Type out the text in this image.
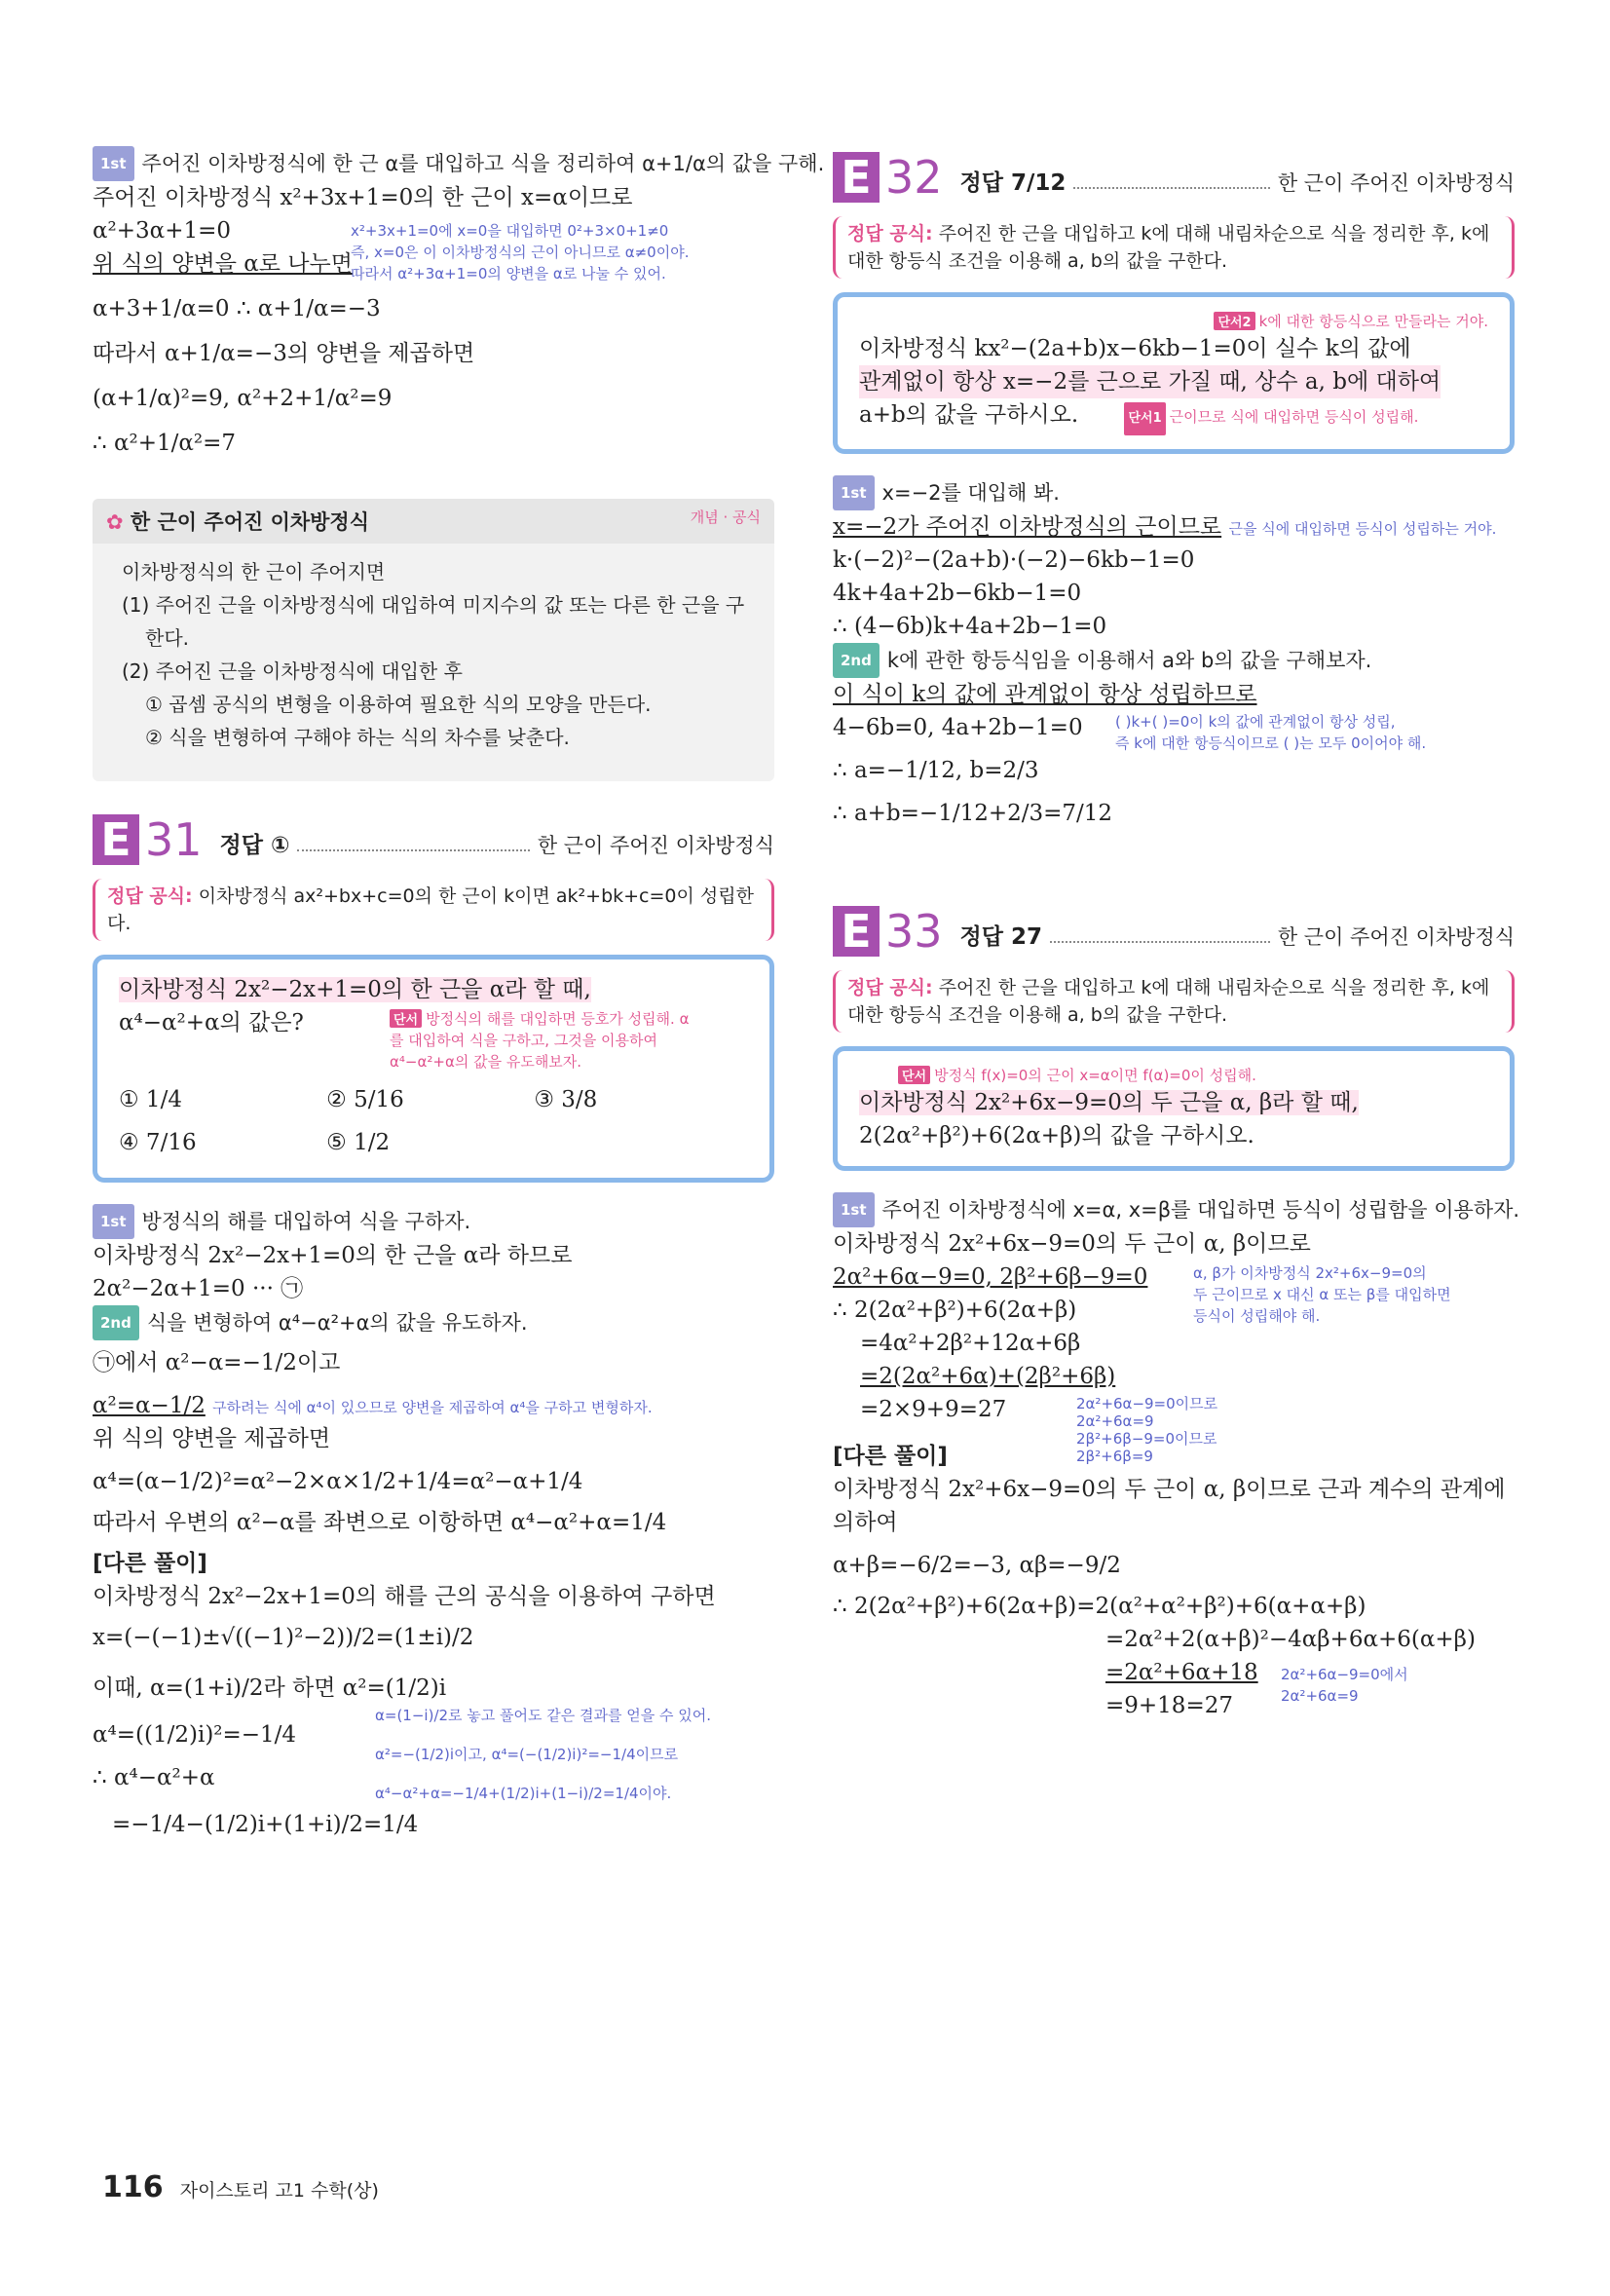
1st 주어진 이차방정식에 한 근 α를 대입하고 식을 정리하여 α+1/α의 값을 구해.
주어진 이차방정식 x²+3x+1=0의 한 근이 x=α이므로
α²+3α+1=0
위 식의 양변을 α로 나누면
x²+3x+1=0에 x=0을 대입하면 0²+3×0+1≠0
즉, x=0은 이 이차방정식의 근이 아니므로 α≠0이야.
따라서 α²+3α+1=0의 양변을 α로 나눌 수 있어.
α+3+1/α=0 ∴ α+1/α=−3
따라서 α+1/α=−3의 양변을 제곱하면
(α+1/α)²=9, α²+2+1/α²=9
∴ α²+1/α²=7
✿ 한 근이 주어진 이차방정식	개념 · 공식
이차방정식의 한 근이 주어지면
(1) 주어진 근을 이차방정식에 대입하여 미지수의 값 또는 다른 한 근을 구
한다.
(2) 주어진 근을 이차방정식에 대입한 후
① 곱셈 공식의 변형을 이용하여 필요한 식의 모양을 만든다.
② 식을 변형하여 구해야 하는 식의 차수를 낮춘다.
E 31 정답 ①	한 근이 주어진 이차방정식
정답 공식: 이차방정식 ax²+bx+c=0의 한 근이 k이면 ak²+bk+c=0이 성립한다.
이차방정식 2x²−2x+1=0의 한 근을 α라 할 때,
α⁴−α²+α의 값은?	단서 방정식의 해를 대입하면 등호가 성립해. α를 대입하여 식을 구하고, 그것을 이용하여 α⁴−α²+α의 값을 유도해보자.
① 1/4	② 5/16	③ 3/8
④ 7/16	⑤ 1/2
1st 방정식의 해를 대입하여 식을 구하자.
이차방정식 2x²−2x+1=0의 한 근을 α라 하므로
2α²−2α+1=0 ··· ㉠
2nd 식을 변형하여 α⁴−α²+α의 값을 유도하자.
㉠에서 α²−α=−1/2이고
α²=α−1/2 구하려는 식에 α⁴이 있으므로 양변을 제곱하여 α⁴을 구하고 변형하자.
위 식의 양변을 제곱하면
α⁴=(α−1/2)²=α²−2×α×1/2+1/4=α²−α+1/4
따라서 우변의 α²−α를 좌변으로 이항하면 α⁴−α²+α=1/4
[다른 풀이]
이차방정식 2x²−2x+1=0의 해를 근의 공식을 이용하여 구하면
x=(−(−1)±√((−1)²−2))/2=(1±i)/2
이때, α=(1+i)/2라 하면 α²=(1/2)i
α⁴=((1/2)i)²=−1/4
∴ α⁴−α²+α
=−1/4−(1/2)i+(1+i)/2=1/4
α=(1−i)/2로 놓고 풀어도 같은 결과를 얻을 수 있어.
α²=−(1/2)i이고, α⁴=(−(1/2)i)²=−1/4이므로
α⁴−α²+α=−1/4+(1/2)i+(1−i)/2=1/4이야.
E 32 정답 7/12	한 근이 주어진 이차방정식
정답 공식: 주어진 한 근을 대입하고 k에 대해 내림차순으로 식을 정리한 후, k에 대한 항등식 조건을 이용해 a, b의 값을 구한다.
단서2 k에 대한 항등식으로 만들라는 거야.
이차방정식 kx²−(2a+b)x−6kb−1=0이 실수 k의 값에
관계없이 항상 x=−2를 근으로 가질 때, 상수 a, b에 대하여
a+b의 값을 구하시오.	단서1 근이므로 식에 대입하면 등식이 성립해.
1st x=−2를 대입해 봐.
x=−2가 주어진 이차방정식의 근이므로 근을 식에 대입하면 등식이 성립하는 거야.
k·(−2)²−(2a+b)·(−2)−6kb−1=0
4k+4a+2b−6kb−1=0
∴ (4−6b)k+4a+2b−1=0
2nd k에 관한 항등식임을 이용해서 a와 b의 값을 구해보자.
이 식이 k의 값에 관계없이 항상 성립하므로
4−6b=0, 4a+2b−1=0
∴ a=−1/12, b=2/3
∴ a+b=−1/12+2/3=7/12
( )k+( )=0이 k의 값에 관계없이 항상 성립,
즉 k에 대한 항등식이므로 ( )는 모두 0이어야 해.
E 33 정답 27	한 근이 주어진 이차방정식
정답 공식: 주어진 한 근을 대입하고 k에 대해 내림차순으로 식을 정리한 후, k에 대한 항등식 조건을 이용해 a, b의 값을 구한다.
단서 방정식 f(x)=0의 근이 x=α이면 f(α)=0이 성립해.
이차방정식 2x²+6x−9=0의 두 근을 α, β라 할 때,
2(2α²+β²)+6(2α+β)의 값을 구하시오.
1st 주어진 이차방정식에 x=α, x=β를 대입하면 등식이 성립함을 이용하자.
이차방정식 2x²+6x−9=0의 두 근이 α, β이므로
2α²+6α−9=0, 2β²+6β−9=0
∴ 2(2α²+β²)+6(2α+β)
=4α²+2β²+12α+6β
=2(2α²+6α)+(2β²+6β)
=2×9+9=27
α, β가 이차방정식 2x²+6x−9=0의
두 근이므로 x 대신 α 또는 β를 대입하면
등식이 성립해야 해.
2α²+6α−9=0이므로
2α²+6α=9
2β²+6β−9=0이므로
2β²+6β=9
[다른 풀이]
이차방정식 2x²+6x−9=0의 두 근이 α, β이므로 근과 계수의 관계에
의하여
α+β=−6/2=−3, αβ=−9/2
∴ 2(2α²+β²)+6(2α+β)=2(α²+α²+β²)+6(α+α+β)
=2α²+2(α+β)²−4αβ+6α+6(α+β)
=2α²+6α+18
=9+18=27
2α²+6α−9=0에서
2α²+6α=9
116 자이스토리 고1 수학(상)
